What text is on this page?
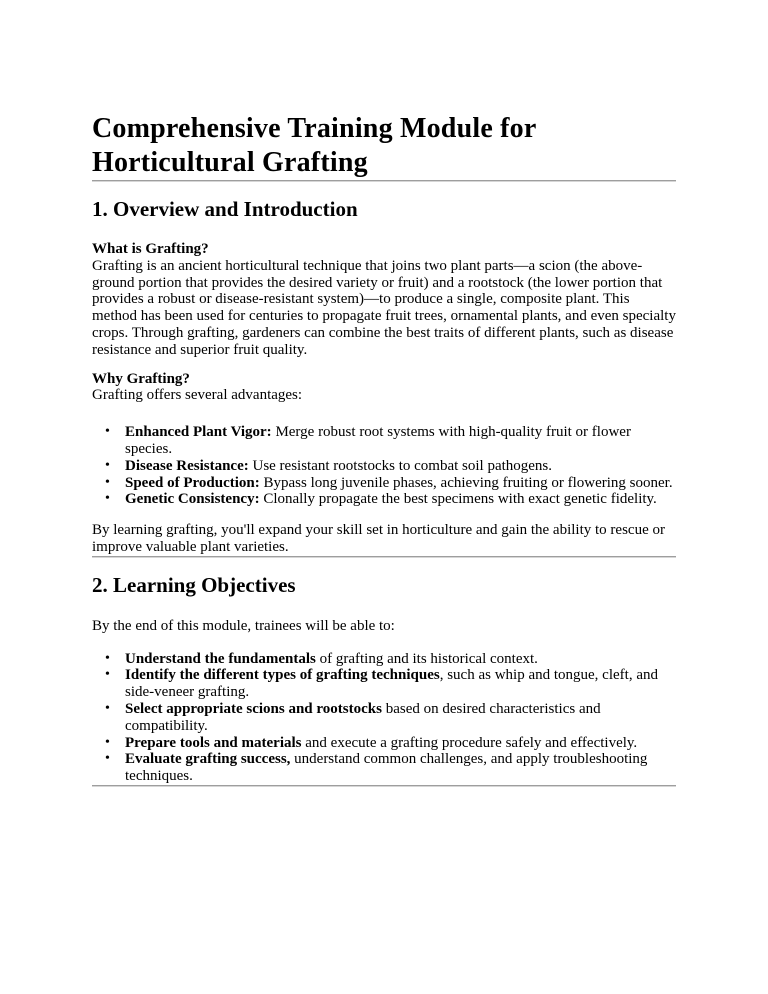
Comprehensive Training Module for Horticultural Grafting
1. Overview and Introduction

What is Grafting?
Grafting is an ancient horticultural technique that joins two plant parts—a scion (the above-ground portion that provides the desired variety or fruit) and a rootstock (the lower portion that provides a robust or disease-resistant system)—to produce a single, composite plant. This method has been used for centuries to propagate fruit trees, ornamental plants, and even specialty crops. Through grafting, gardeners can combine the best traits of different plants, such as disease resistance and superior fruit quality.

Why Grafting?
Grafting offers several advantages:

• Enhanced Plant Vigor: Merge robust root systems with high-quality fruit or flower species.
• Disease Resistance: Use resistant rootstocks to combat soil pathogens.
• Speed of Production: Bypass long juvenile phases, achieving fruiting or flowering sooner.
• Genetic Consistency: Clonally propagate the best specimens with exact genetic fidelity.

By learning grafting, you'll expand your skill set in horticulture and gain the ability to rescue or improve valuable plant varieties.

2. Learning Objectives

By the end of this module, trainees will be able to:

• Understand the fundamentals of grafting and its historical context.
• Identify the different types of grafting techniques, such as whip and tongue, cleft, and side-veneer grafting.
• Select appropriate scions and rootstocks based on desired characteristics and compatibility.
• Prepare tools and materials and execute a grafting procedure safely and effectively.
• Evaluate grafting success, understand common challenges, and apply troubleshooting techniques.
